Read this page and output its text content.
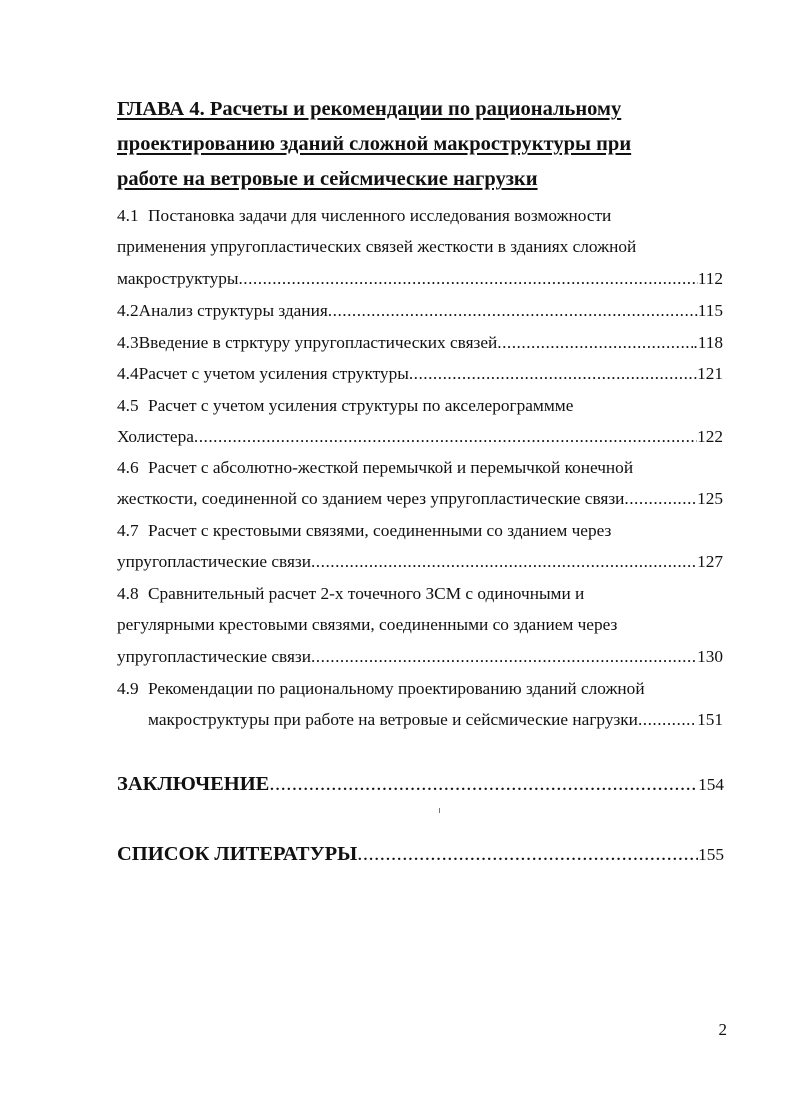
ГЛАВА 4. Расчеты и рекомендации по рациональному
проектированию зданий сложной макроструктуры при
работе на ветровые и сейсмические нагрузки
4.1 Постановка задачи для численного исследования возможности
применения упругопластических связей жесткости в зданиях сложной
макроструктуры .....	112
4.2 Анализ структуры здания .....	115
4.3 Введение в стрктуру упругопластических связей .....	.118
4.4 Расчет с учетом усиления структуры .....	121
4.5 Расчет с учетом усиления структуры по акселерограммме
Холистера .....	122
4.6 Расчет с абсолютно-жесткой перемычкой и перемычкой конечной
жесткости, соединенной со зданием через упругопластические связи .....	125
4.7 Расчет с крестовыми связями, соединенными со зданием через
упругопластические связи .....	127
4.8 Сравнительный расчет 2-х точечного ЗСМ с одиночными и
регулярными крестовыми связями, соединенными со зданием через
упругопластические связи .....	130
4.9 Рекомендации по рациональному проектированию зданий сложной
макроструктуры при работе на ветровые и сейсмические нагрузки .....	151
ЗАКЛЮЧЕНИЕ .....	154
СПИСОК ЛИТЕРАТУРЫ .....	155
2
